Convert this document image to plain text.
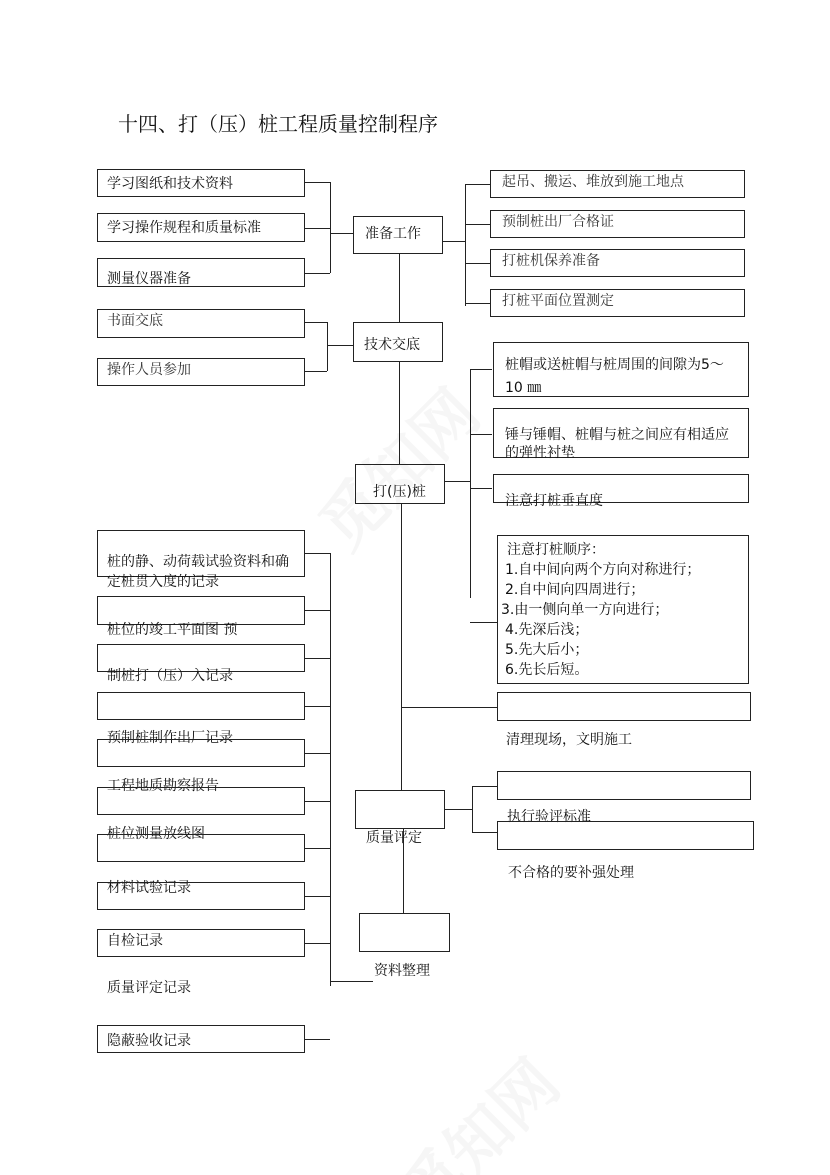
十四、打（压）桩工程质量控制程序
学习图纸和技术资料
学习操作规程和质量标准
测量仪器准备
准备工作
起吊、搬运、堆放到施工地点
预制桩出厂合格证
打桩机保养准备
打桩平面位置测定
书面交底
操作人员参加
技术交底
打(压)桩
桩帽或送桩帽与桩周围的间隙为5～
10 ㎜
锤与锤帽、桩帽与桩之间应有相适应
的弹性衬垫
注意打桩垂直度
注意打桩顺序：
1.自中间向两个方向对称进行；
2.自中间向四周进行；
3.由一侧向单一方向进行；
4.先深后浅；
5.先大后小；
6.先长后短。
清理现场，文明施工
质量评定
执行验评标准
不合格的要补强处理
资料整理
桩的静、动荷载试验资料和确
定桩贯入度的记录
桩位的竣工平面图 预
制桩打（压）入记录
预制桩制作出厂记录
工程地质勘察报告
桩位测量放线图
材料试验记录
自检记录
质量评定记录
隐蔽验收记录
